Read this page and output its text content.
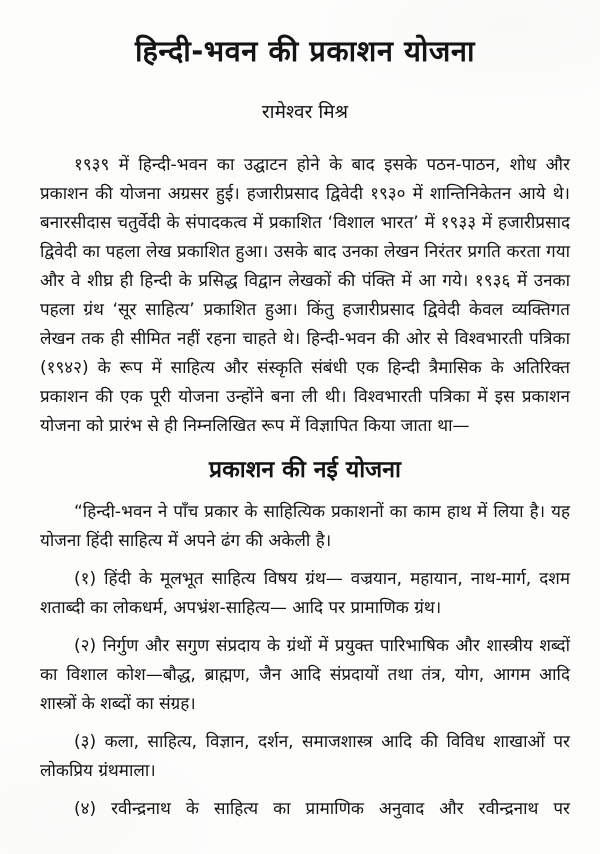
हिन्दी-भवन की प्रकाशन योजना
रामेश्वर मिश्र

१९३९ में हिन्दी-भवन का उद्घाटन होने के बाद इसके पठन-पाठन, शोध और प्रकाशन की योजना अग्रसर हुई। हजारीप्रसाद द्विवेदी १९३० में शान्तिनिकेतन आये थे। बनारसीदास चतुर्वेदी के संपादकत्व में प्रकाशित ‘विशाल भारत’ में १९३३ में हजारीप्रसाद द्विवेदी का पहला लेख प्रकाशित हुआ। उसके बाद उनका लेखन निरंतर प्रगति करता गया और वे शीघ्र ही हिन्दी के प्रसिद्ध विद्वान लेखकों की पंक्ति में आ गये। १९३६ में उनका पहला ग्रंथ ‘सूर साहित्य’ प्रकाशित हुआ। किंतु हजारीप्रसाद द्विवेदी केवल व्यक्तिगत लेखन तक ही सीमित नहीं रहना चाहते थे। हिन्दी-भवन की ओर से विश्वभारती पत्रिका (१९४२) के रूप में साहित्य और संस्कृति संबंधी एक हिन्दी त्रैमासिक के अतिरिक्त प्रकाशन की एक पूरी योजना उन्होंने बना ली थी। विश्वभारती पत्रिका में इस प्रकाशन योजना को प्रारंभ से ही निम्नलिखित रूप में विज्ञापित किया जाता था—

प्रकाशन की नई योजना

“हिन्दी-भवन ने पाँच प्रकार के साहित्यिक प्रकाशनों का काम हाथ में लिया है। यह योजना हिंदी साहित्य में अपने ढंग की अकेली है।

(१) हिंदी के मूलभूत साहित्य विषय ग्रंथ— वज्रयान, महायान, नाथ-मार्ग, दशम शताब्दी का लोकधर्म, अपभ्रंश-साहित्य— आदि पर प्रामाणिक ग्रंथ।

(२) निर्गुण और सगुण संप्रदाय के ग्रंथों में प्रयुक्त पारिभाषिक और शास्त्रीय शब्दों का विशाल कोश—बौद्ध, ब्राह्मण, जैन आदि संप्रदायों तथा तंत्र, योग, आगम आदि शास्त्रों के शब्दों का संग्रह।

(३) कला, साहित्य, विज्ञान, दर्शन, समाजशास्त्र आदि की विविध शाखाओं पर लोकप्रिय ग्रंथमाला।

(४) रवीन्द्रनाथ के साहित्य का प्रामाणिक अनुवाद और रवीन्द्रनाथ पर
